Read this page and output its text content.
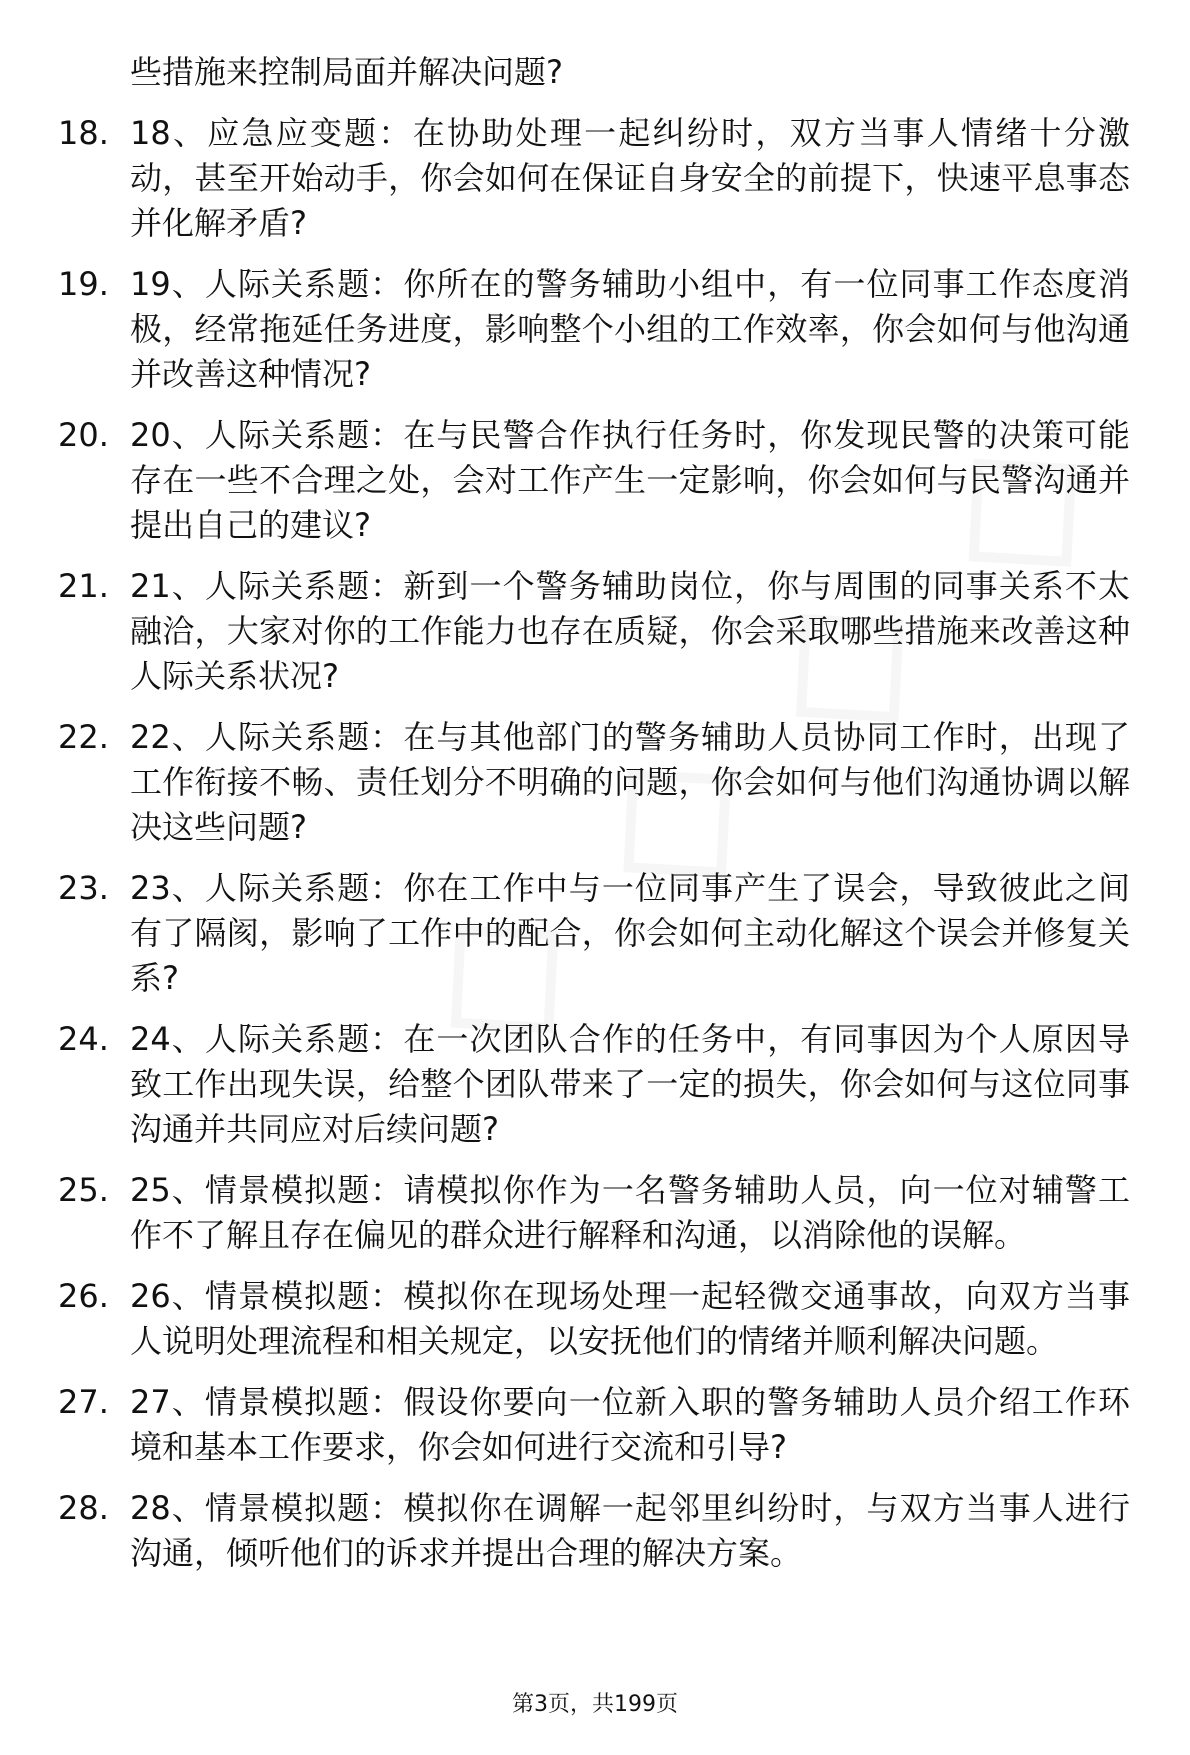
些措施来控制局面并解决问题?
18. 18、应急应变题：在协助处理一起纠纷时，双方当事人情绪十分激动，甚至开始动手，你会如何在保证自身安全的前提下，快速平息事态并化解矛盾?
19. 19、人际关系题：你所在的警务辅助小组中，有一位同事工作态度消极，经常拖延任务进度，影响整个小组的工作效率，你会如何与他沟通并改善这种情况?
20. 20、人际关系题：在与民警合作执行任务时，你发现民警的决策可能存在一些不合理之处，会对工作产生一定影响，你会如何与民警沟通并提出自己的建议?
21. 21、人际关系题：新到一个警务辅助岗位，你与周围的同事关系不太融洽，大家对你的工作能力也存在质疑，你会采取哪些措施来改善这种人际关系状况?
22. 22、人际关系题：在与其他部门的警务辅助人员协同工作时，出现了工作衔接不畅、责任划分不明确的问题，你会如何与他们沟通协调以解决这些问题?
23. 23、人际关系题：你在工作中与一位同事产生了误会，导致彼此之间有了隔阂，影响了工作中的配合，你会如何主动化解这个误会并修复关系?
24. 24、人际关系题：在一次团队合作的任务中，有同事因为个人原因导致工作出现失误，给整个团队带来了一定的损失，你会如何与这位同事沟通并共同应对后续问题?
25. 25、情景模拟题：请模拟你作为一名警务辅助人员，向一位对辅警工作不了解且存在偏见的群众进行解释和沟通，以消除他的误解。
26. 26、情景模拟题：模拟你在现场处理一起轻微交通事故，向双方当事人说明处理流程和相关规定，以安抚他们的情绪并顺利解决问题。
27. 27、情景模拟题：假设你要向一位新入职的警务辅助人员介绍工作环境和基本工作要求，你会如何进行交流和引导?
28. 28、情景模拟题：模拟你在调解一起邻里纠纷时，与双方当事人进行沟通，倾听他们的诉求并提出合理的解决方案。
第3页，共199页
